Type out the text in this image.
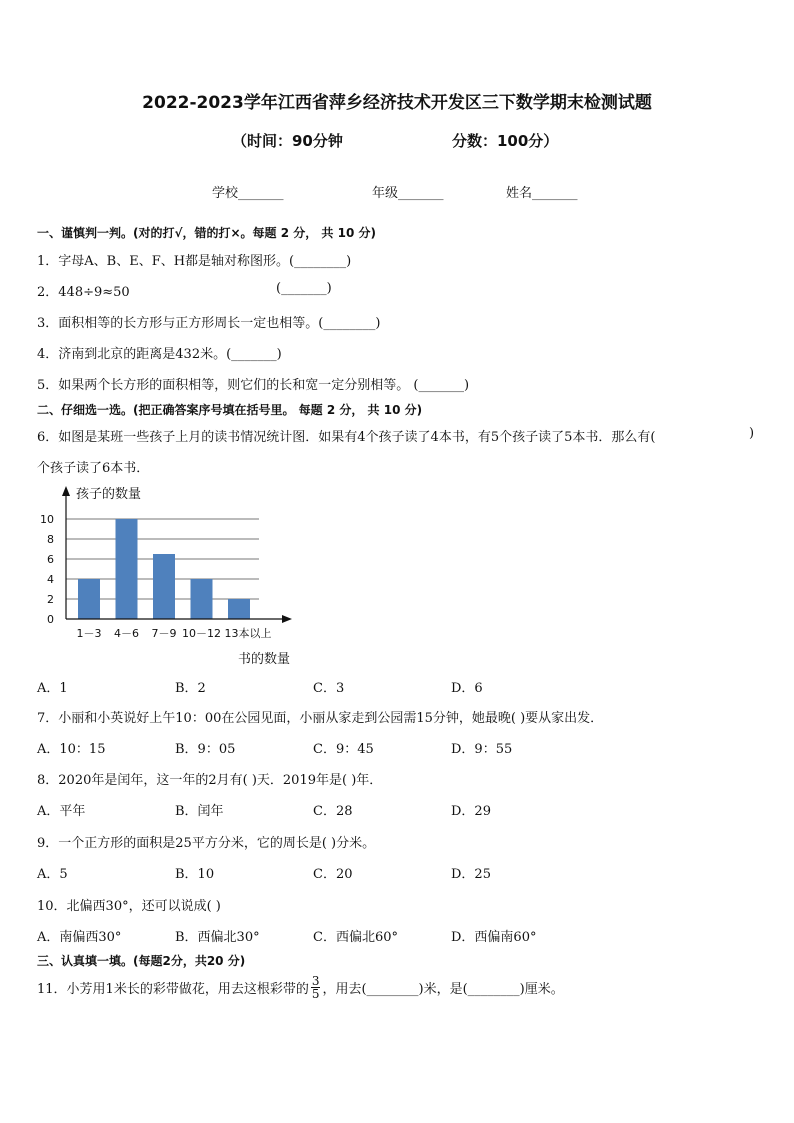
2022-2023学年江西省萍乡经济技术开发区三下数学期末检测试题
（时间：90分钟	分数：100分）
学校_______	年级_______	姓名_______
一、谨慎判一判。(对的打√，错的打×。每题 2 分， 共 10 分)
1．字母A、B、E、F、H都是轴对称图形。(________)
2．448÷9≈50	(_______)
3．面积相等的长方形与正方形周长一定也相等。(________)
4．济南到北京的距离是432米。(_______)
5．如果两个长方形的面积相等，则它们的长和宽一定分别相等。 (_______)
二、仔细选一选。(把正确答案序号填在括号里。 每题 2 分， 共 10 分)
6．如图是某班一些孩子上月的读书情况统计图．如果有4个孩子读了4本书，有5个孩子读了5本书．那么有(	)
个孩子读了6本书．
0
2
4
6
8
10
1－3 4－6 7－9 10－12 13本以上
孩子的数量
书的数量
A．1	B．2	C．3	D．6
7．小丽和小英说好上午10：00在公园见面，小丽从家走到公园需15分钟，她最晚( )要从家出发．
A．10：15	B．9：05	C．9：45	D．9：55
8．2020年是闰年，这一年的2月有( )天．2019年是( )年．
A．平年	B．闰年	C．28	D．29
9．一个正方形的面积是25平方分米，它的周长是( )分米。
A．5	B．10	C．20	D．25
10．北偏西30°，还可以说成( )
A．南偏西30°	B．西偏北30°	C．西偏北60°	D．西偏南60°
三、认真填一填。(每题2分，共20 分)
11．小芳用1米长的彩带做花，用去这根彩带的 $\frac{3}{5}$ ，用去(________)米，是(________)厘米。
